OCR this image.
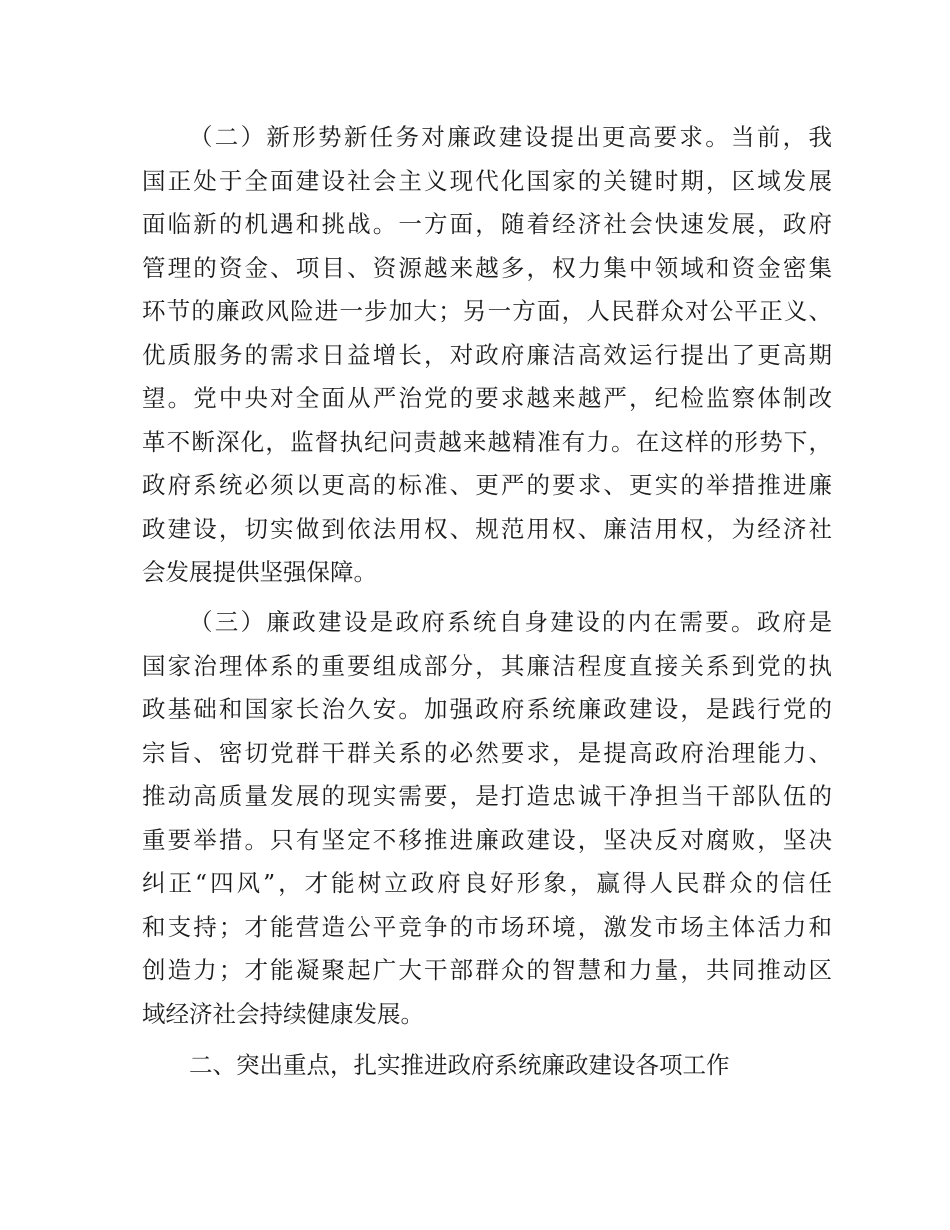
（二）新形势新任务对廉政建设提出更高要求。当前，我
国正处于全面建设社会主义现代化国家的关键时期，区域发展
面临新的机遇和挑战。一方面，随着经济社会快速发展，政府
管理的资金、项目、资源越来越多，权力集中领域和资金密集
环节的廉政风险进一步加大；另一方面，人民群众对公平正义、
优质服务的需求日益增长，对政府廉洁高效运行提出了更高期
望。党中央对全面从严治党的要求越来越严，纪检监察体制改
革不断深化，监督执纪问责越来越精准有力。在这样的形势下，
政府系统必须以更高的标准、更严的要求、更实的举措推进廉
政建设，切实做到依法用权、规范用权、廉洁用权，为经济社
会发展提供坚强保障。
（三）廉政建设是政府系统自身建设的内在需要。政府是
国家治理体系的重要组成部分，其廉洁程度直接关系到党的执
政基础和国家长治久安。加强政府系统廉政建设，是践行党的
宗旨、密切党群干群关系的必然要求，是提高政府治理能力、
推动高质量发展的现实需要，是打造忠诚干净担当干部队伍的
重要举措。只有坚定不移推进廉政建设，坚决反对腐败，坚决
纠正“四风”，才能树立政府良好形象，赢得人民群众的信任
和支持；才能营造公平竞争的市场环境，激发市场主体活力和
创造力；才能凝聚起广大干部群众的智慧和力量，共同推动区
域经济社会持续健康发展。
二、突出重点，扎实推进政府系统廉政建设各项工作
